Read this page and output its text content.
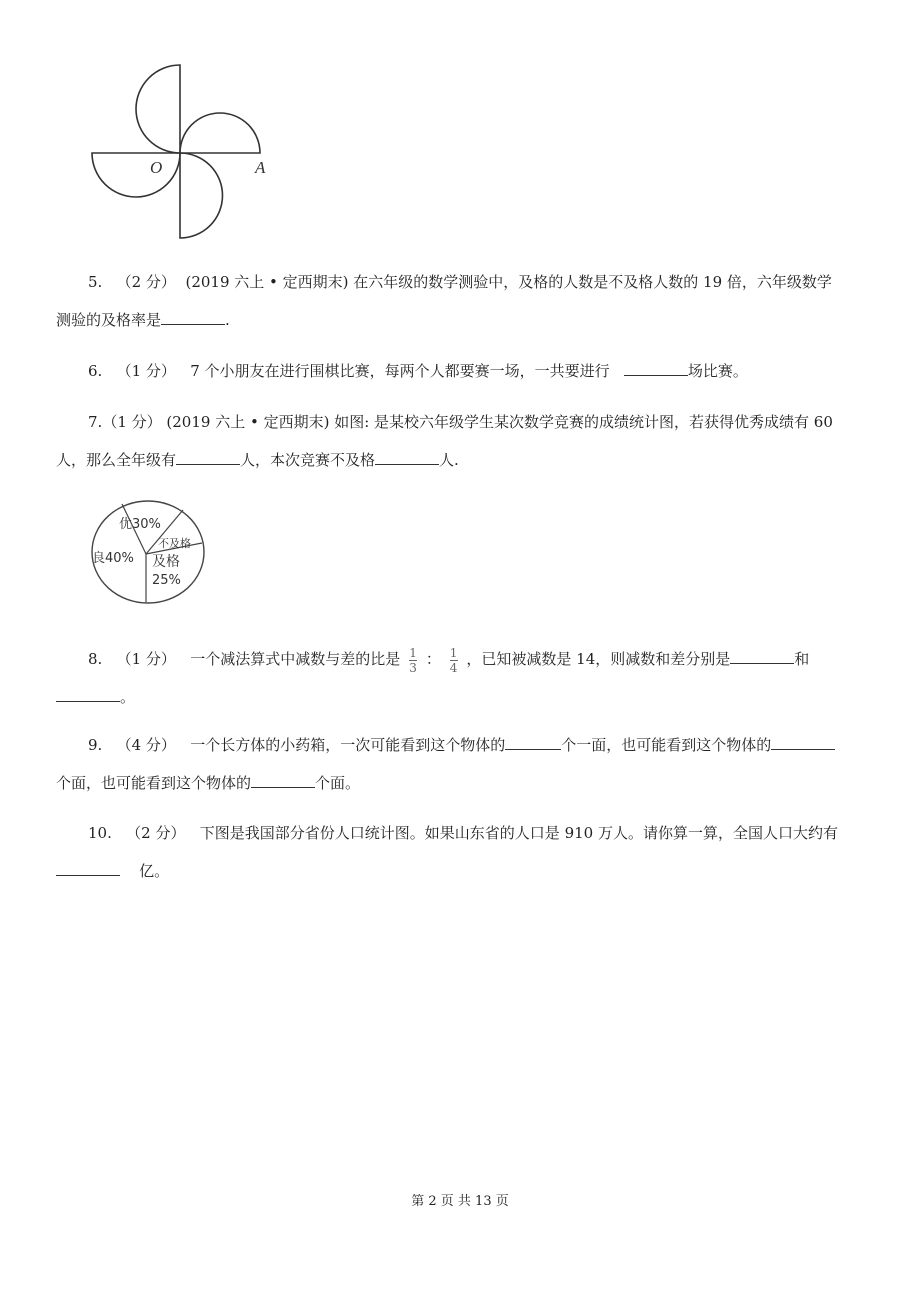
O	A
5. （2 分） (2019 六上 • 定西期末) 在六年级的数学测验中，及格的人数是不及格人数的 19 倍，六年级数学
测验的及格率是	.
6. （1 分） 7 个小朋友在进行围棋比赛，每两个人都要赛一场，一共要进行	场比赛。
7.（1 分） (2019 六上 • 定西期末) 如图: 是某校六年级学生某次数学竞赛的成绩统计图，若获得优秀成绩有 60
人，那么全年级有	人，本次竞赛不及格	人.
优30%
良40%
不及格
及格
25%
8. （1 分） 一个减法算式中减数与差的比是 $\frac{1}{3}$ ： $\frac{1}{4}$ ，已知被减数是 14，则减数和差分别是	和
。
9. （4 分） 一个长方体的小药箱，一次可能看到这个物体的	个一面，也可能看到这个物体的
个面，也可能看到这个物体的	个面。
10. （2 分） 下图是我国部分省份人口统计图。如果山东省的人口是 910 万人。请你算一算，全国人口大约有
亿。
第 2 页 共 13 页
